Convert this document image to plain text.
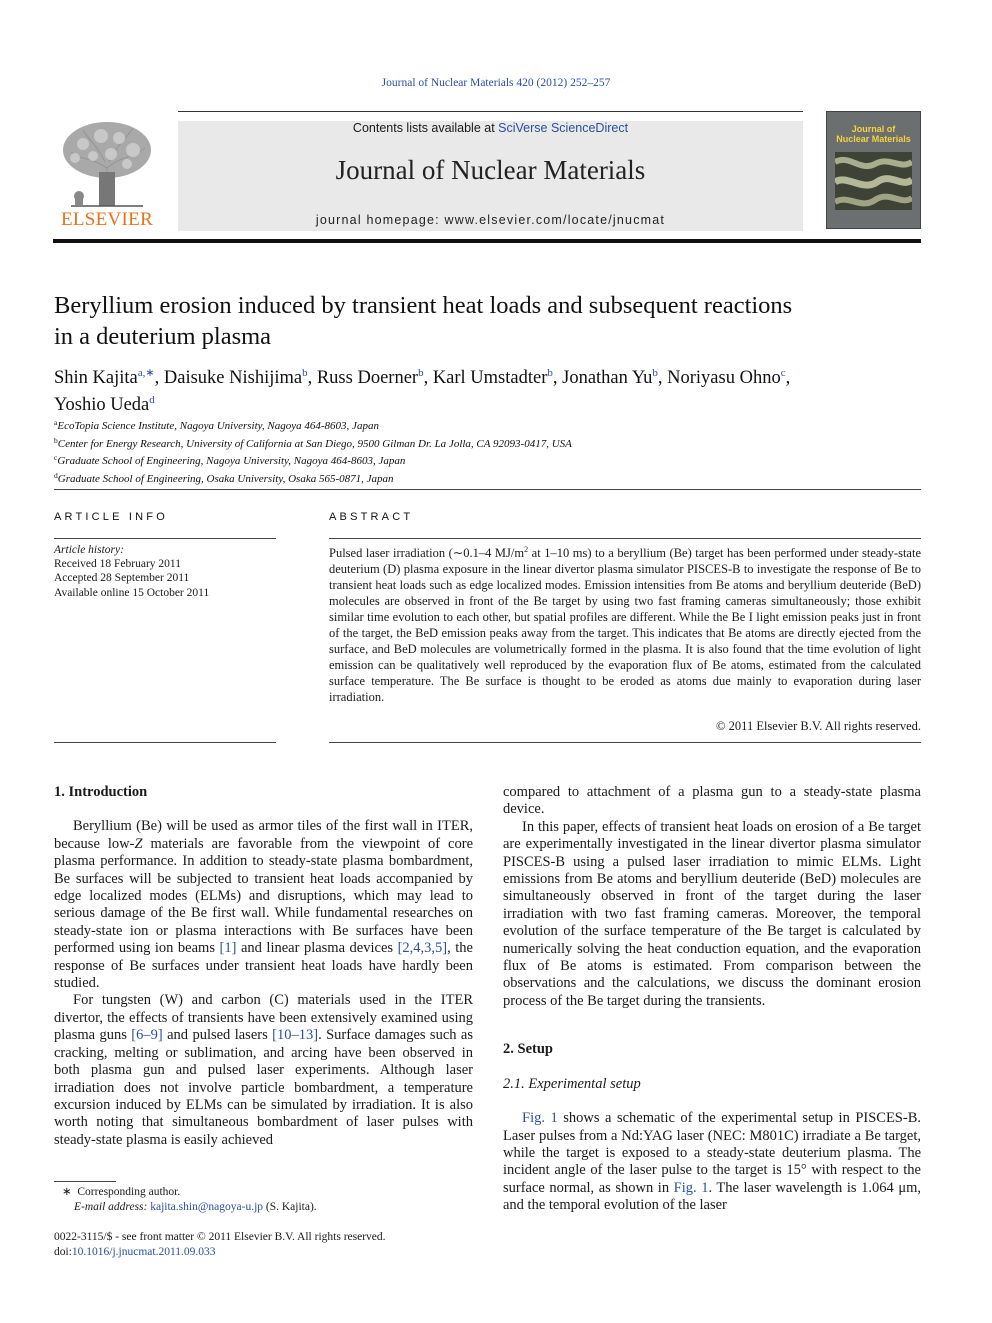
Journal of Nuclear Materials 420 (2012) 252–257
ELSEVIER
Contents lists available at SciVerse ScienceDirect
Journal of Nuclear Materials
journal homepage: www.elsevier.com/locate/jnucmat
Journal of
Nuclear Materials
Beryllium erosion induced by transient heat loads and subsequent reactions
in a deuterium plasma
Shin Kajita$^{a,∗}$, Daisuke Nishijima$^b$, Russ Doerner$^b$, Karl Umstadter$^b$, Jonathan Yu$^b$, Noriyasu Ohno$^c$,
Yoshio Ueda$^d$
$^a$EcoTopia Science Institute, Nagoya University, Nagoya 464-8603, Japan
$^b$Center for Energy Research, University of California at San Diego, 9500 Gilman Dr. La Jolla, CA 92093-0417, USA
$^c$Graduate School of Engineering, Nagoya University, Nagoya 464-8603, Japan
$^d$Graduate School of Engineering, Osaka University, Osaka 565-0871, Japan
ARTICLE INFO
Article history:
Received 18 February 2011
Accepted 28 September 2011
Available online 15 October 2011
ABSTRACT
Pulsed laser irradiation (∼0.1–4 $MJ/m^2$ at 1–10 ms) to a beryllium (Be) target has been performed under steady-state deuterium (D) plasma exposure in the linear divertor plasma simulator PISCES-B to investigate the response of Be to transient heat loads such as edge localized modes. Emission intensities from Be atoms and beryllium deuteride (BeD) molecules are observed in front of the Be target by using two fast framing cameras simultaneously; those exhibit similar time evolution to each other, but spatial profiles are different. While the Be I light emission peaks just in front of the target, the BeD emission peaks away from the target. This indicates that Be atoms are directly ejected from the surface, and BeD molecules are volumetrically formed in the plasma. It is also found that the time evolution of light emission can be qualitatively well reproduced by the evaporation flux of Be atoms, estimated from the calculated surface temperature. The Be surface is thought to be eroded as atoms due mainly to evaporation during laser irradiation.
© 2011 Elsevier B.V. All rights reserved.
1. Introduction

Beryllium (Be) will be used as armor tiles of the first wall in ITER, because low-Z materials are favorable from the viewpoint of core plasma performance. In addition to steady-state plasma bombardment, Be surfaces will be subjected to transient heat loads accompanied by edge localized modes (ELMs) and disruptions, which may lead to serious damage of the Be first wall. While fundamental researches on steady-state ion or plasma interactions with Be surfaces have been performed using ion beams [1] and linear plasma devices [2,4,3,5], the response of Be surfaces under transient heat loads have hardly been studied.

For tungsten (W) and carbon (C) materials used in the ITER divertor, the effects of transients have been extensively examined using plasma guns [6–9] and pulsed lasers [10–13]. Surface damages such as cracking, melting or sublimation, and arcing have been observed in both plasma gun and pulsed laser experiments. Although laser irradiation does not involve particle bombardment, a temperature excursion induced by ELMs can be simulated by irradiation. It is also worth noting that simultaneous bombardment of laser pulses with steady-state plasma is easily achieved

compared to attachment of a plasma gun to a steady-state plasma device.

In this paper, effects of transient heat loads on erosion of a Be target are experimentally investigated in the linear divertor plasma simulator PISCES-B using a pulsed laser irradiation to mimic ELMs. Light emissions from Be atoms and beryllium deuteride (BeD) molecules are simultaneously observed in front of the target during the laser irradiation with two fast framing cameras. Moreover, the temporal evolution of the surface temperature of the Be target is calculated by numerically solving the heat conduction equation, and the evaporation flux of Be atoms is estimated. From comparison between the observations and the calculations, we discuss the dominant erosion process of the Be target during the transients.

2. Setup
2.1. Experimental setup

Fig. 1 shows a schematic of the experimental setup in PISCES-B. Laser pulses from a Nd:YAG laser (NEC: M801C) irradiate a Be target, while the target is exposed to a steady-state deuterium plasma. The incident angle of the laser pulse to the target is 15° with respect to the surface normal, as shown in Fig. 1. The laser wavelength is 1.064 μm, and the temporal evolution of the laser

∗ Corresponding author.
E-mail address: kajita.shin@nagoya-u.jp (S. Kajita).
0022-3115/$ - see front matter © 2011 Elsevier B.V. All rights reserved.
doi:10.1016/j.jnucmat.2011.09.033
